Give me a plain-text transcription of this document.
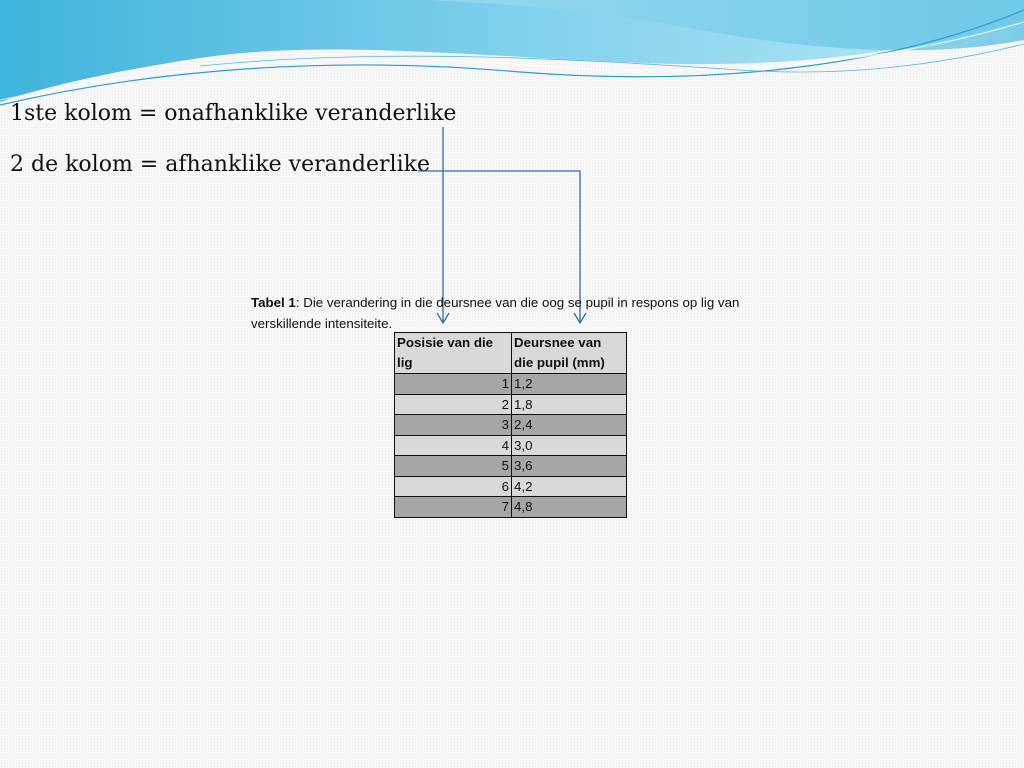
1ste kolom = onafhanklike veranderlike

2 de kolom = afhanklike veranderlike

Tabel 1: Die verandering in die deursnee van die oog se pupil in respons op lig van verskillende intensiteite.
Posisie van die lig	Deursnee van die pupil (mm)
1	1,2
2	1,8
3	2,4
4	3,0
5	3,6
6	4,2
7	4,8
